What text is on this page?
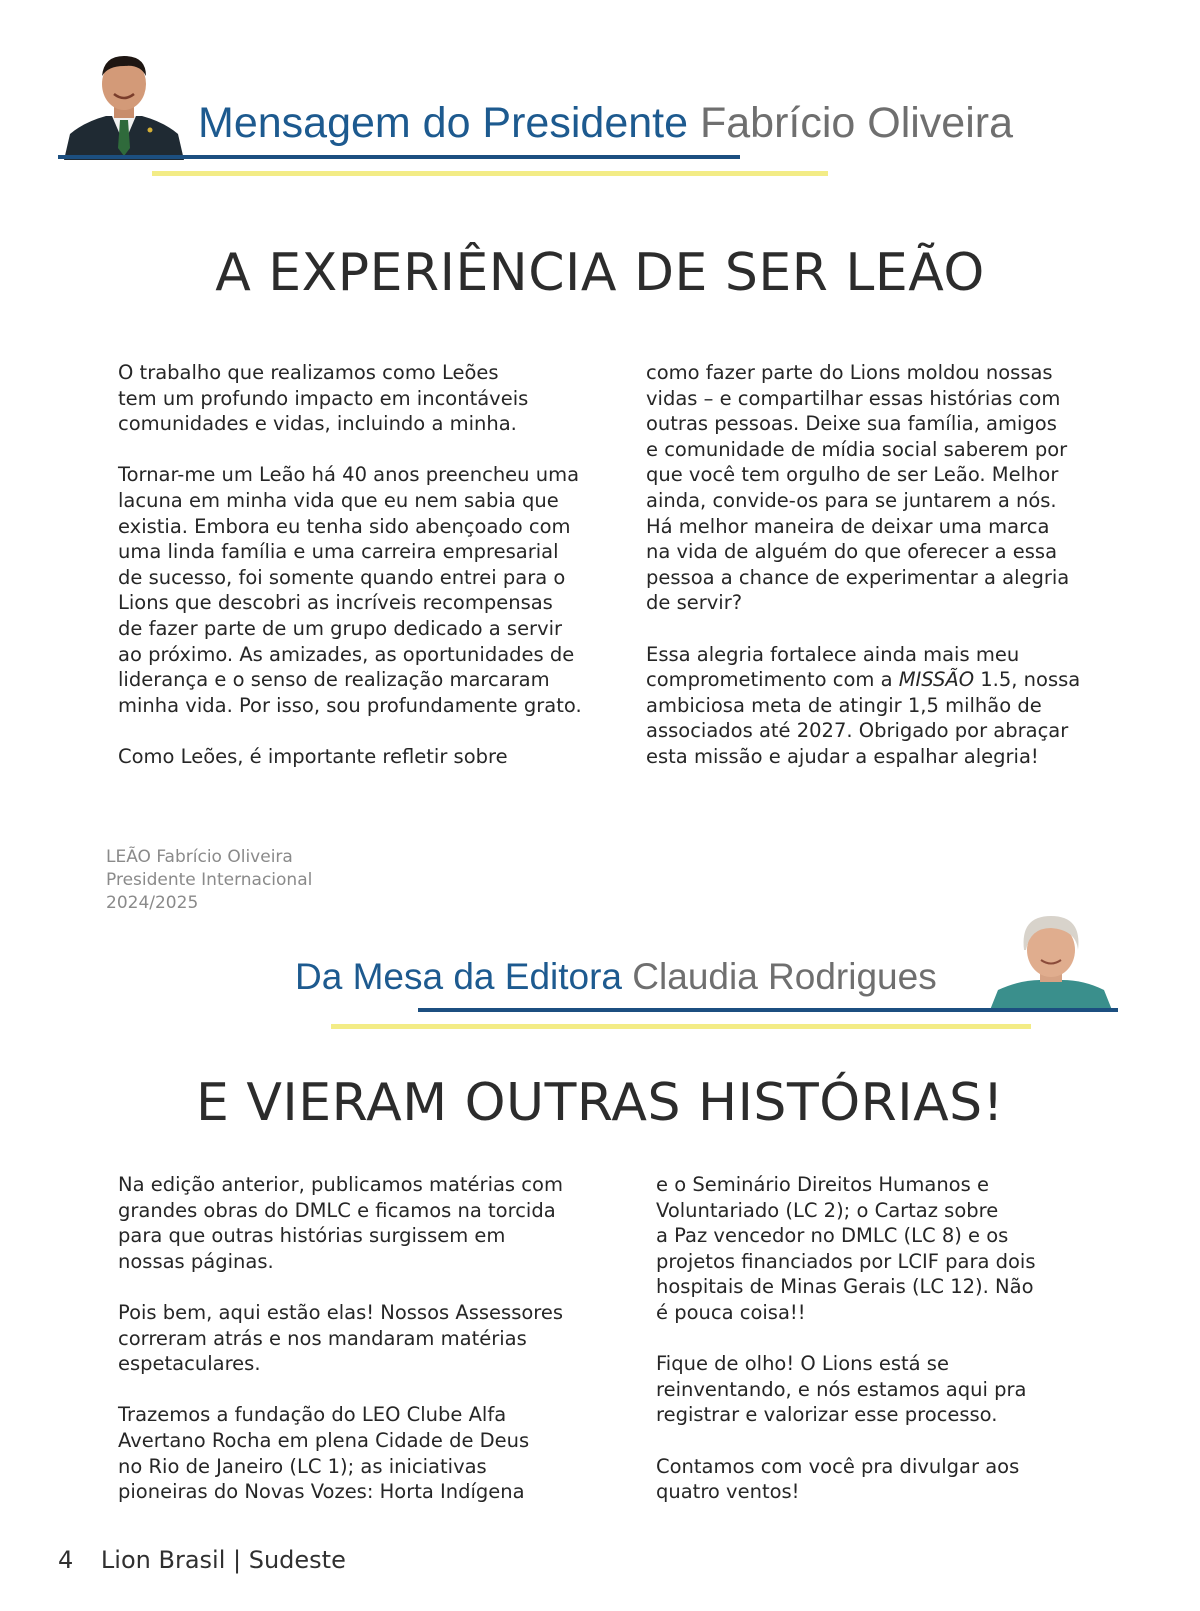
Mensagem do Presidente Fabrício Oliveira
A EXPERIÊNCIA DE SER LEÃO

O trabalho que realizamos como Leões
tem um profundo impacto em incontáveis
comunidades e vidas, incluindo a minha.

Tornar-me um Leão há 40 anos preencheu uma
lacuna em minha vida que eu nem sabia que
existia. Embora eu tenha sido abençoado com
uma linda família e uma carreira empresarial
de sucesso, foi somente quando entrei para o
Lions que descobri as incríveis recompensas
de fazer parte de um grupo dedicado a servir
ao próximo. As amizades, as oportunidades de
liderança e o senso de realização marcaram
minha vida. Por isso, sou profundamente grato.

Como Leões, é importante refletir sobre

como fazer parte do Lions moldou nossas
vidas – e compartilhar essas histórias com
outras pessoas. Deixe sua família, amigos
e comunidade de mídia social saberem por
que você tem orgulho de ser Leão. Melhor
ainda, convide-os para se juntarem a nós.
Há melhor maneira de deixar uma marca
na vida de alguém do que oferecer a essa
pessoa a chance de experimentar a alegria
de servir?

Essa alegria fortalece ainda mais meu
comprometimento com a MISSÃO 1.5, nossa
ambiciosa meta de atingir 1,5 milhão de
associados até 2027. Obrigado por abraçar
esta missão e ajudar a espalhar alegria!

LEÃO Fabrício Oliveira
Presidente Internacional
2024/2025
Da Mesa da Editora Claudia Rodrigues
E VIERAM OUTRAS HISTÓRIAS!

Na edição anterior, publicamos matérias com
grandes obras do DMLC e ficamos na torcida
para que outras histórias surgissem em
nossas páginas.

Pois bem, aqui estão elas! Nossos Assessores
correram atrás e nos mandaram matérias
espetaculares.

Trazemos a fundação do LEO Clube Alfa
Avertano Rocha em plena Cidade de Deus
no Rio de Janeiro (LC 1); as iniciativas
pioneiras do Novas Vozes: Horta Indígena

e o Seminário Direitos Humanos e
Voluntariado (LC 2); o Cartaz sobre
a Paz vencedor no DMLC (LC 8) e os
projetos financiados por LCIF para dois
hospitais de Minas Gerais (LC 12). Não
é pouca coisa!!

Fique de olho! O Lions está se
reinventando, e nós estamos aqui pra
registrar e valorizar esse processo.

Contamos com você pra divulgar aos
quatro ventos!

4 Lion Brasil | Sudeste
